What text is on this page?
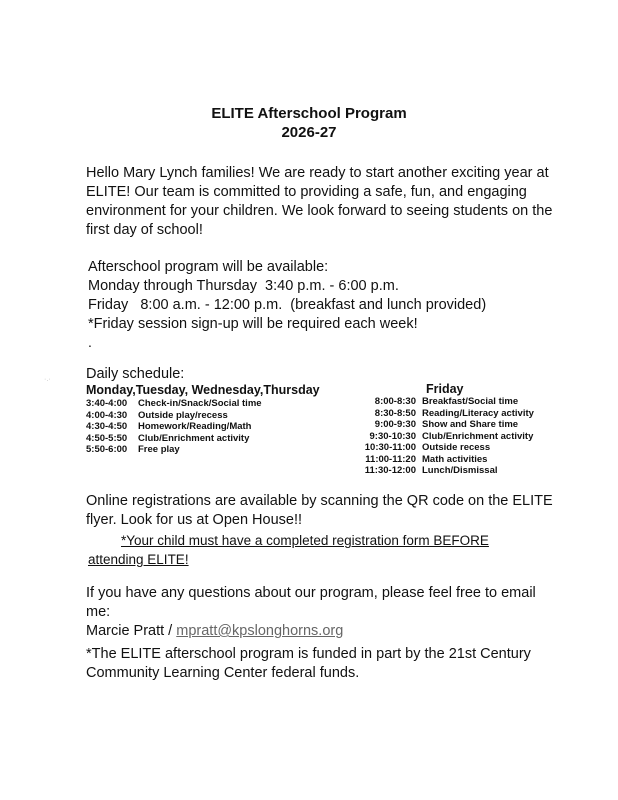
ELITE Afterschool Program
2026-27

Hello Mary Lynch families! We are ready to start another exciting year at ELITE! Our team is committed to providing a safe, fun, and engaging environment for your children. We look forward to seeing students on the first day of school!

Afterschool program will be available:
Monday through Thursday  3:40 p.m. - 6:00 p.m.
Friday   8:00 a.m. - 12:00 p.m.  (breakfast and lunch provided)
*Friday session sign-up will be required each week!
.
·.· Daily schedule:
Monday,Tuesday, Wednesday,Thursday	Friday
3:40-4:00 Check-in/Snack/Social time
4:00-4:30 Outside play/recess
4:30-4:50 Homework/Reading/Math
4:50-5:50 Club/Enrichment activity
5:50-6:00 Free play
8:00-8:30 Breakfast/Social time
8:30-8:50 Reading/Literacy activity
9:00-9:30 Show and Share time
9:30-10:30 Club/Enrichment activity
10:30-11:00 Outside recess
11:00-11:20 Math activities
11:30-12:00 Lunch/Dismissal

Online registrations are available by scanning the QR code on the ELITE flyer. Look for us at Open House!!

*Your child must have a completed registration form BEFORE
attending ELITE!
If you have any questions about our program, please feel free to email me:
Marcie Pratt / mpratt@kpslonghorns.org

*The ELITE afterschool program is funded in part by the 21st Century Community Learning Center federal funds.
